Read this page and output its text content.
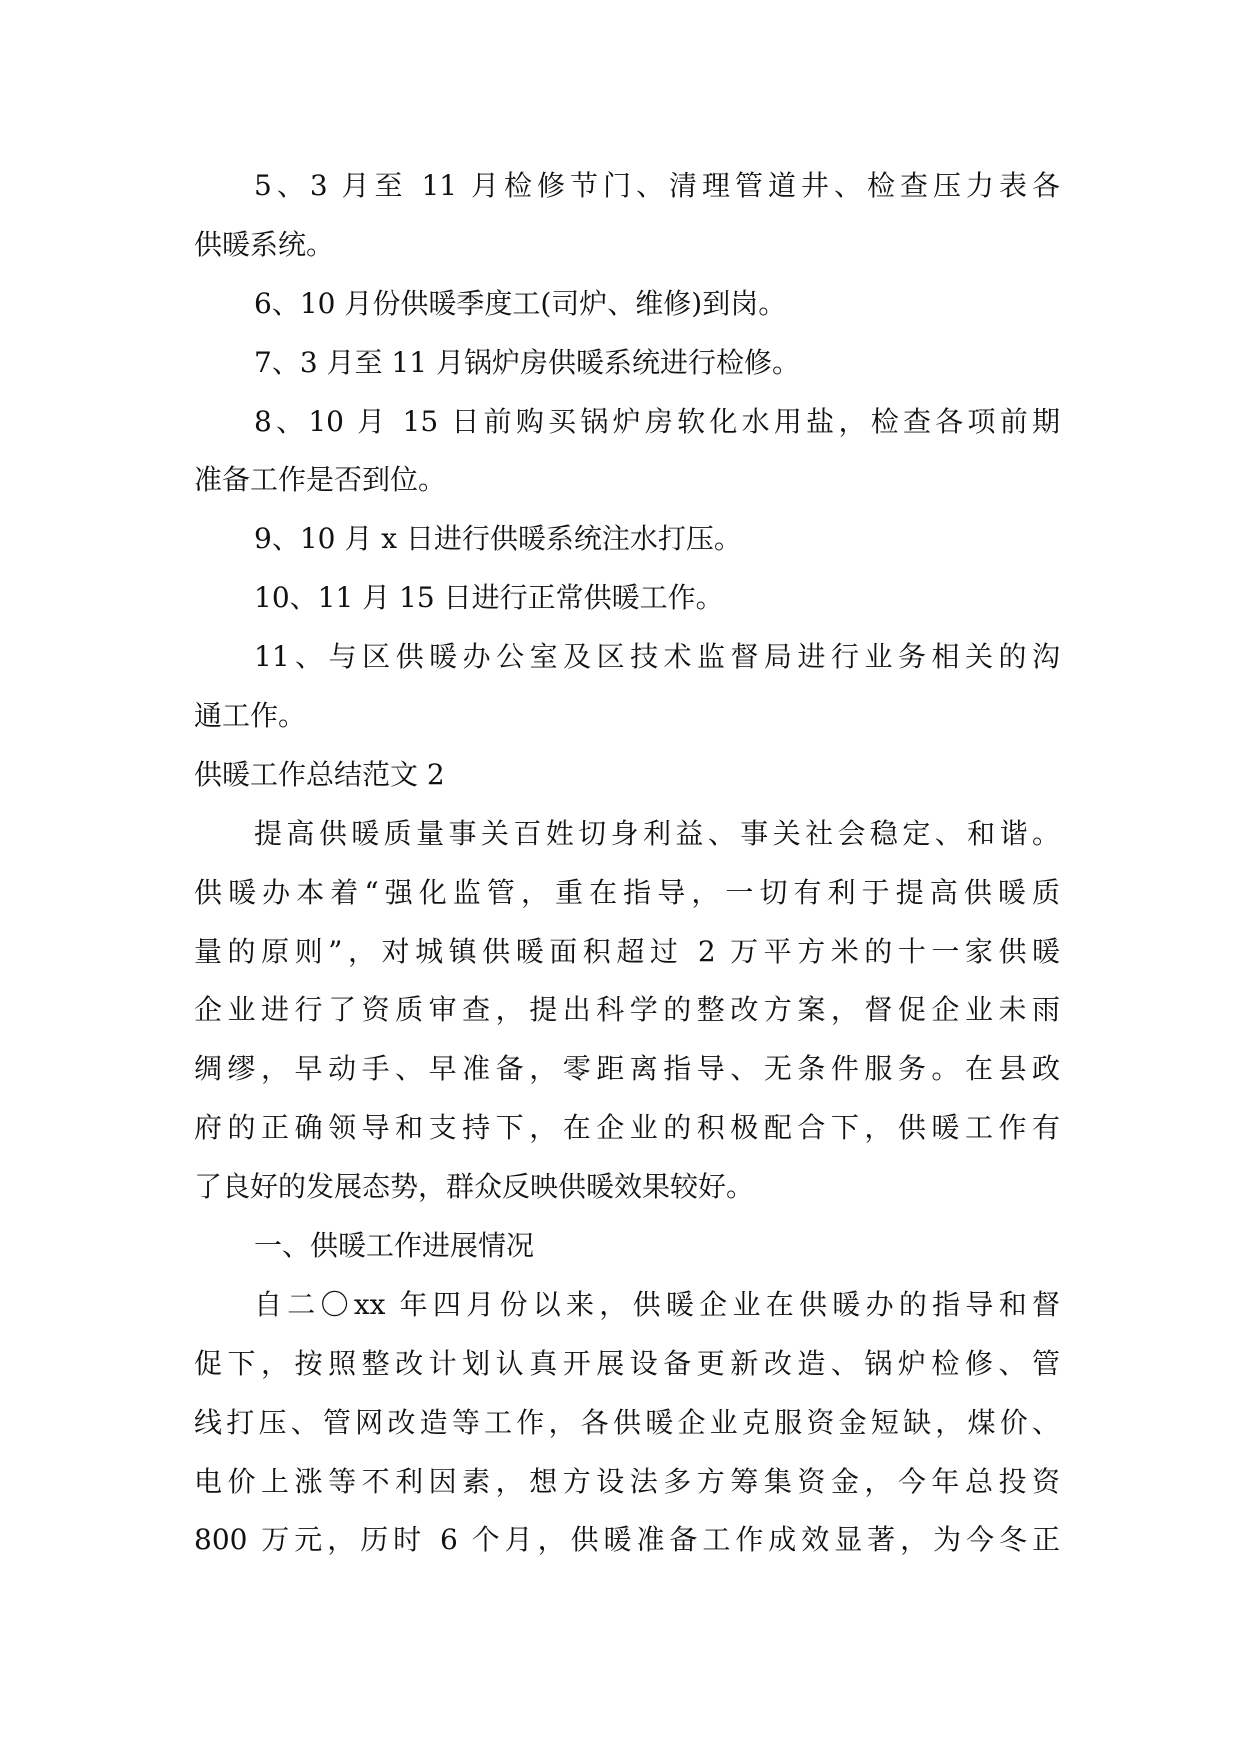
5、3 月至 11 月检修节门、清理管道井、检查压力表各
供暖系统。
6、10 月份供暖季度工(司炉、维修)到岗。
7、3 月至 11 月锅炉房供暖系统进行检修。
8、10 月 15 日前购买锅炉房软化水用盐，检查各项前期
准备工作是否到位。
9、10 月 x 日进行供暖系统注水打压。
10、11 月 15 日进行正常供暖工作。
11、与区供暖办公室及区技术监督局进行业务相关的沟
通工作。
供暖工作总结范文 2
提高供暖质量事关百姓切身利益、事关社会稳定、和谐。
供暖办本着“强化监管，重在指导，一切有利于提高供暖质
量的原则”，对城镇供暖面积超过 2 万平方米的十一家供暖
企业进行了资质审查，提出科学的整改方案，督促企业未雨
绸缪，早动手、早准备，零距离指导、无条件服务。在县政
府的正确领导和支持下，在企业的积极配合下，供暖工作有
了良好的发展态势，群众反映供暖效果较好。
一、供暖工作进展情况
自二〇xx 年四月份以来，供暖企业在供暖办的指导和督
促下，按照整改计划认真开展设备更新改造、锅炉检修、管
线打压、管网改造等工作，各供暖企业克服资金短缺，煤价、
电价上涨等不利因素，想方设法多方筹集资金，今年总投资
800 万元，历时 6 个月，供暖准备工作成效显著，为今冬正
